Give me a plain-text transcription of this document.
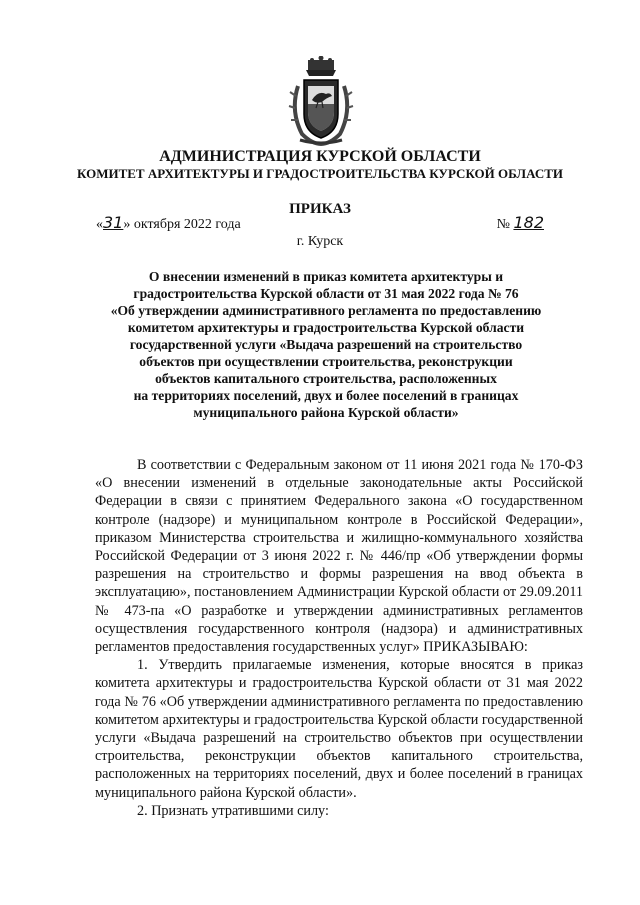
АДМИНИСТРАЦИЯ КУРСКОЙ ОБЛАСТИ
КОМИТЕТ АРХИТЕКТУРЫ И ГРАДОСТРОИТЕЛЬСТВА КУРСКОЙ ОБЛАСТИ
ПРИКАЗ
«31» октября 2022 года	№ 182
г. Курск
О внесении изменений в приказ комитета архитектуры и
градостроительства Курской области от 31 мая 2022 года № 76
«Об утверждении административного регламента по предоставлению
комитетом архитектуры и градостроительства Курской области
государственной услуги «Выдача разрешений на строительство
объектов при осуществлении строительства, реконструкции
объектов капитального строительства, расположенных
на территориях поселений, двух и более поселений в границах
муниципального района Курской области»

В соответствии с Федеральным законом от 11 июня 2021 года № 170-ФЗ «О внесении изменений в отдельные законодательные акты Российской Федерации в связи с принятием Федерального закона «О государственном контроле (надзоре) и муниципальном контроле в Российской Федерации», приказом Министерства строительства и жилищно-коммунального хозяйства Российской Федерации от 3 июня 2022 г. № 446/пр «Об утверждении формы разрешения на строительство и формы разрешения на ввод объекта в эксплуатацию», постановлением Администрации Курской области от 29.09.2011 № 473-па «О разработке и утверждении административных регламентов осуществления государственного контроля (надзора) и административных регламентов предоставления государственных услуг» ПРИКАЗЫВАЮ:

1. Утвердить прилагаемые изменения, которые вносятся в приказ комитета архитектуры и градостроительства Курской области от 31 мая 2022 года № 76 «Об утверждении административного регламента по предоставлению комитетом архитектуры и градостроительства Курской области государственной услуги «Выдача разрешений на строительство объектов при осуществлении строительства, реконструкции объектов капитального строительства, расположенных на территориях поселений, двух и более поселений в границах муниципального района Курской области».

2. Признать утратившими силу:
